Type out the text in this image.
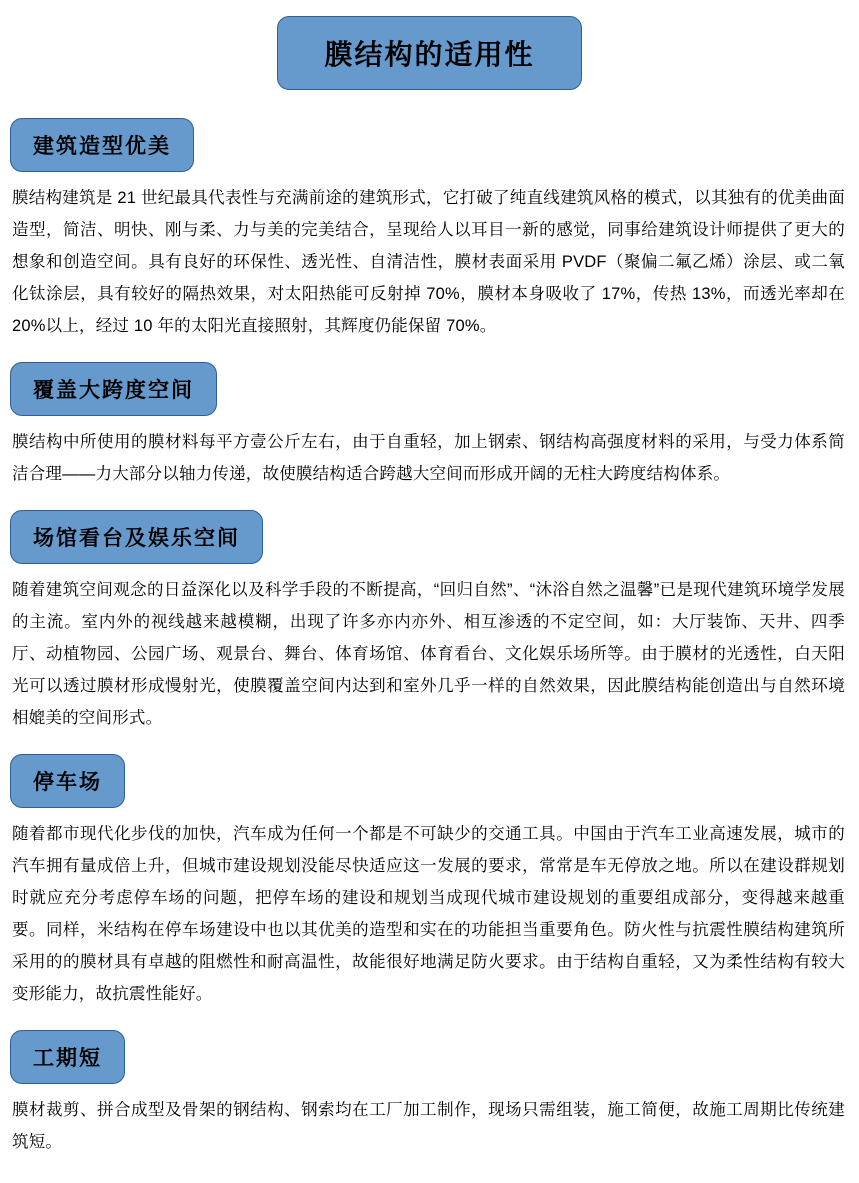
膜结构的适用性
建筑造型优美

膜结构建筑是 21 世纪最具代表性与充满前途的建筑形式，它打破了纯直线建筑风格的模式，以其独有的优美曲面造型，简洁、明快、刚与柔、力与美的完美结合，呈现给人以耳目一新的感觉，同事给建筑设计师提供了更大的想象和创造空间。具有良好的环保性、透光性、自清洁性，膜材表面采用 PVDF（聚偏二氟乙烯）涂层、或二氧化钛涂层，具有较好的隔热效果，对太阳热能可反射掉 70%，膜材本身吸收了 17%，传热 13%，而透光率却在 20%以上，经过 10 年的太阳光直接照射，其辉度仍能保留 70%。

覆盖大跨度空间

膜结构中所使用的膜材料每平方壹公斤左右，由于自重轻，加上钢索、钢结构高强度材料的采用，与受力体系简洁合理——力大部分以轴力传递，故使膜结构适合跨越大空间而形成开阔的无柱大跨度结构体系。

场馆看台及娱乐空间

随着建筑空间观念的日益深化以及科学手段的不断提高，“回归自然”、“沐浴自然之温馨”已是现代建筑环境学发展的主流。室内外的视线越来越模糊，出现了许多亦内亦外、相互渗透的不定空间，如：大厅装饰、天井、四季厅、动植物园、公园广场、观景台、舞台、体育场馆、体育看台、文化娱乐场所等。由于膜材的光透性，白天阳光可以透过膜材形成慢射光，使膜覆盖空间内达到和室外几乎一样的自然效果，因此膜结构能创造出与自然环境相媲美的空间形式。

停车场

随着都市现代化步伐的加快，汽车成为任何一个都是不可缺少的交通工具。中国由于汽车工业高速发展，城市的汽车拥有量成倍上升，但城市建设规划没能尽快适应这一发展的要求，常常是车无停放之地。所以在建设群规划时就应充分考虑停车场的问题，把停车场的建设和规划当成现代城市建设规划的重要组成部分，变得越来越重要。同样，米结构在停车场建设中也以其优美的造型和实在的功能担当重要角色。防火性与抗震性膜结构建筑所采用的的膜材具有卓越的阻燃性和耐高温性，故能很好地满足防火要求。由于结构自重轻，又为柔性结构有较大变形能力，故抗震性能好。

工期短

膜材裁剪、拼合成型及骨架的钢结构、钢索均在工厂加工制作，现场只需组装，施工简便，故施工周期比传统建筑短。
